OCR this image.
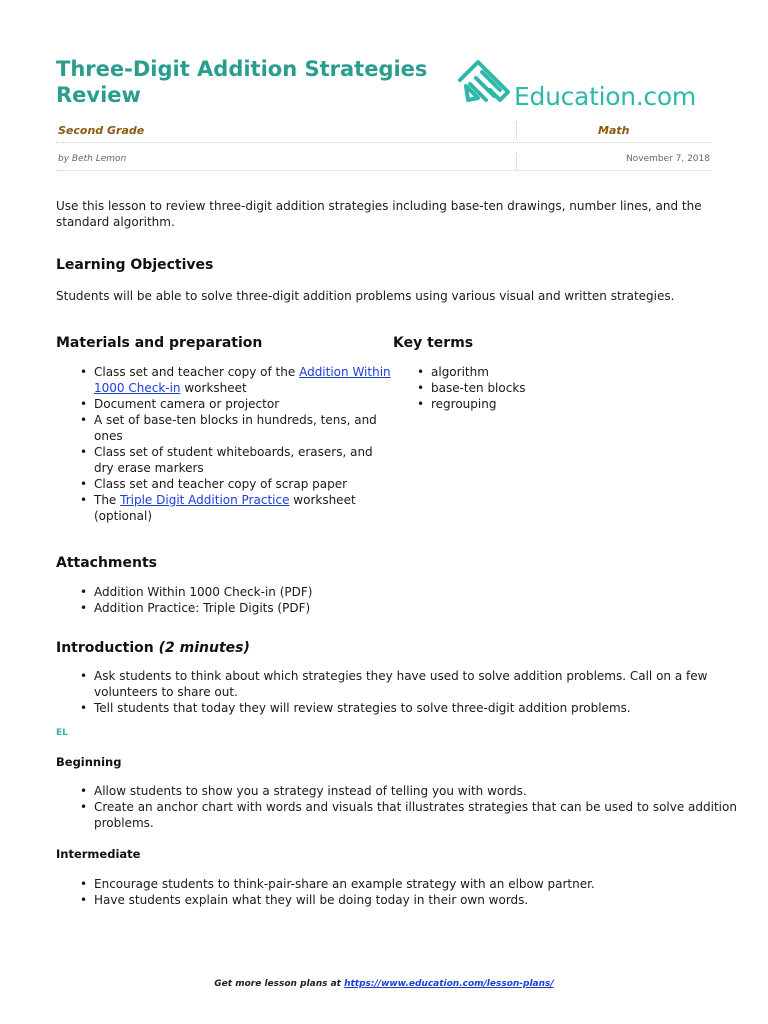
Three-Digit Addition Strategies Review	Education.com
Second Grade	Math
by Beth Lemon	November 7, 2018

Use this lesson to review three-digit addition strategies including base-ten drawings, number lines, and the standard algorithm.

Learning Objectives

Students will be able to solve three-digit addition problems using various visual and written strategies.

Materials and preparation
• Class set and teacher copy of the Addition Within 1000 Check-in worksheet
• Document camera or projector
• A set of base-ten blocks in hundreds, tens, and ones
• Class set of student whiteboards, erasers, and dry erase markers
• Class set and teacher copy of scrap paper
• The Triple Digit Addition Practice worksheet (optional)
Key terms
• algorithm
• base-ten blocks
• regrouping
Attachments
• Addition Within 1000 Check-in (PDF)
• Addition Practice: Triple Digits (PDF)
Introduction (2 minutes)
• Ask students to think about which strategies they have used to solve addition problems. Call on a few volunteers to share out.
• Tell students that today they will review strategies to solve three-digit addition problems.
EL
Beginning
• Allow students to show you a strategy instead of telling you with words.
• Create an anchor chart with words and visuals that illustrates strategies that can be used to solve addition problems.
Intermediate
• Encourage students to think-pair-share an example strategy with an elbow partner.
• Have students explain what they will be doing today in their own words.
Get more lesson plans at https://www.education.com/lesson-plans/
